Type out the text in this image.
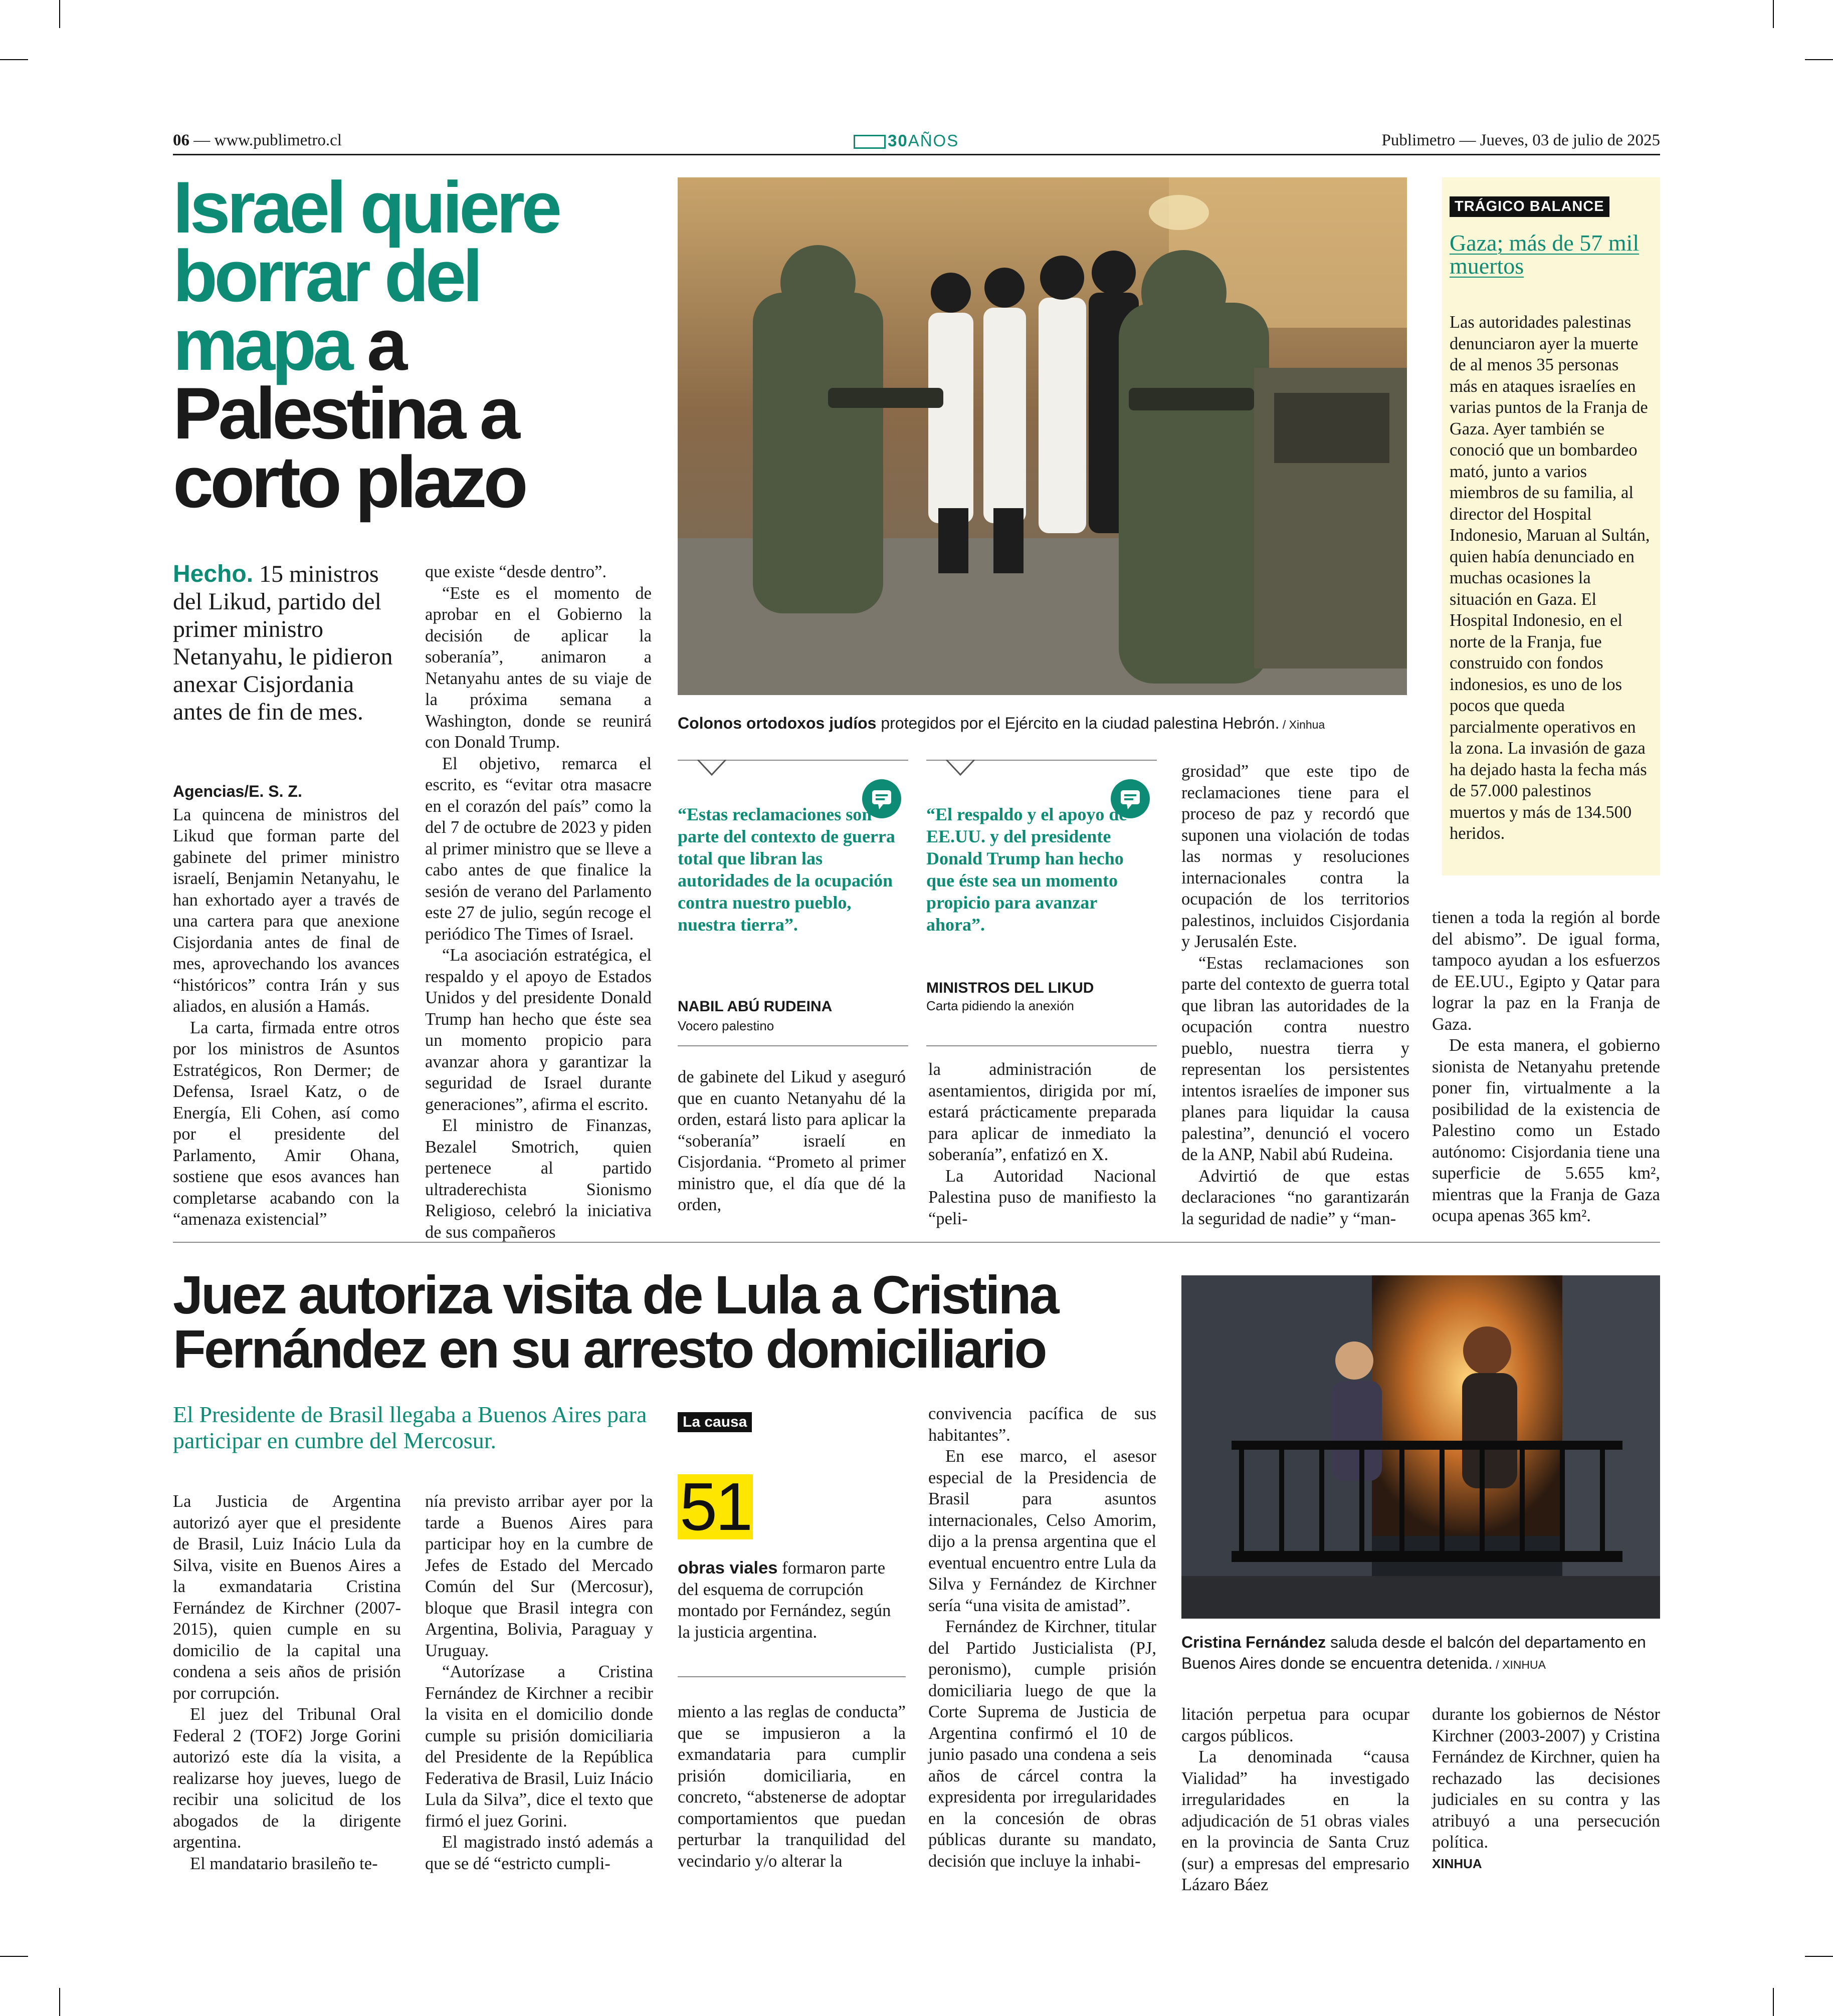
06 — www.publimetro.cl	30AÑOS	Publimetro — Jueves, 03 de julio de 2025
Israel quiere
borrar del
mapa a
Palestina a
corto plazo
Hecho. 15 ministros del Likud, partido del primer ministro Netanyahu, le pidieron anexar Cisjordania antes de fin de mes.
Agencias/E. S. Z.

La quincena de ministros del Likud que forman parte del gabinete del primer ministro israelí, Benjamin Netanyahu, le han exhortado ayer a través de una cartera para que anexione Cisjordania antes de final de mes, aprovechando los avances “históricos” contra Irán y sus aliados, en alusión a Hamás.

La carta, firmada entre otros por los ministros de Asuntos Estratégicos, Ron Dermer; de Defensa, Israel Katz, o de Energía, Eli Cohen, así como por el presidente del Parlamento, Amir Ohana, sostiene que esos avances han completarse acabando con la “amenaza existencial”

que existe “desde dentro”.

“Este es el momento de aprobar en el Gobierno la decisión de aplicar la soberanía”, animaron a Netanyahu antes de su viaje de la próxima semana a Washington, donde se reunirá con Donald Trump.

El objetivo, remarca el escrito, es “evitar otra masacre en el corazón del país” como la del 7 de octubre de 2023 y piden al primer ministro que se lleve a cabo antes de que finalice la sesión de verano del Parlamento este 27 de julio, según recoge el periódico The Times of Israel.

“La asociación estratégica, el respaldo y el apoyo de Estados Unidos y del presidente Donald Trump han hecho que éste sea un momento propicio para avanzar ahora y garantizar la seguridad de Israel durante generaciones”, afirma el escrito.

El ministro de Finanzas, Bezalel Smotrich, quien pertenece al partido ultraderechista Sionismo Religioso, celebró la iniciativa de sus compañeros

Colonos ortodoxos judíos protegidos por el Ejército en la ciudad palestina Hebrón. / Xinhua
“Estas reclamaciones son parte del contexto de guerra total que libran las autoridades de la ocupación contra nuestro pueblo, nuestra tierra”.
NABIL ABÚ RUDEINA
Vocero palestino
“El respaldo y el apoyo de EE.UU. y del presidente Donald Trump han hecho que éste sea un momento propicio para avanzar ahora”.
MINISTROS DEL LIKUD
Carta pidiendo la anexión

de gabinete del Likud y aseguró que en cuanto Netanyahu dé la orden, estará listo para aplicar la “soberanía” israelí en Cisjordania. “Prometo al primer ministro que, el día que dé la orden,

la administración de asentamientos, dirigida por mí, estará prácticamente preparada para aplicar de inmediato la soberanía”, enfatizó en X.

La Autoridad Nacional Palestina puso de manifiesto la “peli-

grosidad” que este tipo de reclamaciones tiene para el proceso de paz y recordó que suponen una violación de todas las normas y resoluciones internacionales contra la ocupación de los territorios palestinos, incluidos Cisjordania y Jerusalén Este.

“Estas reclamaciones son parte del contexto de guerra total que libran las autoridades de la ocupación contra nuestro pueblo, nuestra tierra y representan los persistentes intentos israelíes de imponer sus planes para liquidar la causa palestina”, denunció el vocero de la ANP, Nabil abú Rudeina.

Advirtió de que estas declaraciones “no garantizarán la seguridad de nadie” y “man-

TRÁGICO BALANCE
Gaza; más de 57 mil muertos

Las autoridades palestinas denunciaron ayer la muerte de al menos 35 personas más en ataques israelíes en varias puntos de la Franja de Gaza. Ayer también se conoció que un bombardeo mató, junto a varios miembros de su familia, al director del Hospital Indonesio, Maruan al Sultán, quien había denunciado en muchas ocasiones la situación en Gaza. El Hospital Indonesio, en el norte de la Franja, fue construido con fondos indonesios, es uno de los pocos que queda parcialmente operativos en la zona. La invasión de gaza ha dejado hasta la fecha más de 57.000 palestinos muertos y más de 134.500 heridos.

tienen a toda la región al borde del abismo”. De igual forma, tampoco ayudan a los esfuerzos de EE.UU., Egipto y Qatar para lograr la paz en la Franja de Gaza.

De esta manera, el gobierno sionista de Netanyahu pretende poner fin, virtualmente a la posibilidad de la existencia de Palestino como un Estado autónomo: Cisjordania tiene una superficie de 5.655 km², mientras que la Franja de Gaza ocupa apenas 365 km².

Juez autoriza visita de Lula a Cristina
Fernández en su arresto domiciliario
El Presidente de Brasil llegaba a Buenos Aires para participar en cumbre del Mercosur.

La Justicia de Argentina autorizó ayer que el presidente de Brasil, Luiz Inácio Lula da Silva, visite en Buenos Aires a la exmandataria Cristina Fernández de Kirchner (2007-2015), quien cumple en su domicilio de la capital una condena a seis años de prisión por corrupción.

El juez del Tribunal Oral Federal 2 (TOF2) Jorge Gorini autorizó este día la visita, a realizarse hoy jueves, luego de recibir una solicitud de los abogados de la dirigente argentina.

El mandatario brasileño te-

nía previsto arribar ayer por la tarde a Buenos Aires para participar hoy en la cumbre de Jefes de Estado del Mercado Común del Sur (Mercosur), bloque que Brasil integra con Argentina, Bolivia, Paraguay y Uruguay.

“Autorízase a Cristina Fernández de Kirchner a recibir la visita en el domicilio donde cumple su prisión domiciliaria del Presidente de la República Federativa de Brasil, Luiz Inácio Lula da Silva”, dice el texto que firmó el juez Gorini.

El magistrado instó además a que se dé “estricto cumpli-

La causa
51

obras viales formaron parte del esquema de corrupción montado por Fernández, según la justicia argentina.

miento a las reglas de conducta” que se impusieron a la exmandataria para cumplir prisión domiciliaria, en concreto, “abstenerse de adoptar comportamientos que puedan perturbar la tranquilidad del vecindario y/o alterar la

convivencia pacífica de sus habitantes”.

En ese marco, el asesor especial de la Presidencia de Brasil para asuntos internacionales, Celso Amorim, dijo a la prensa argentina que el eventual encuentro entre Lula da Silva y Fernández de Kirchner sería “una visita de amistad”.

Fernández de Kirchner, titular del Partido Justicialista (PJ, peronismo), cumple prisión domiciliaria luego de que la Corte Suprema de Justicia de Argentina confirmó el 10 de junio pasado una condena a seis años de cárcel contra la expresidenta por irregularidades en la concesión de obras públicas durante su mandato, decisión que incluye la inhabi-

Cristina Fernández saluda desde el balcón del departamento en Buenos Aires donde se encuentra detenida. / XINHUA

litación perpetua para ocupar cargos públicos.

La denominada “causa Vialidad” ha investigado irregularidades en la adjudicación de 51 obras viales en la provincia de Santa Cruz (sur) a empresas del empresario Lázaro Báez

durante los gobiernos de Néstor Kirchner (2003-2007) y Cristina Fernández de Kirchner, quien ha rechazado las decisiones judiciales en su contra y las atribuyó a una persecución política.

XINHUA
